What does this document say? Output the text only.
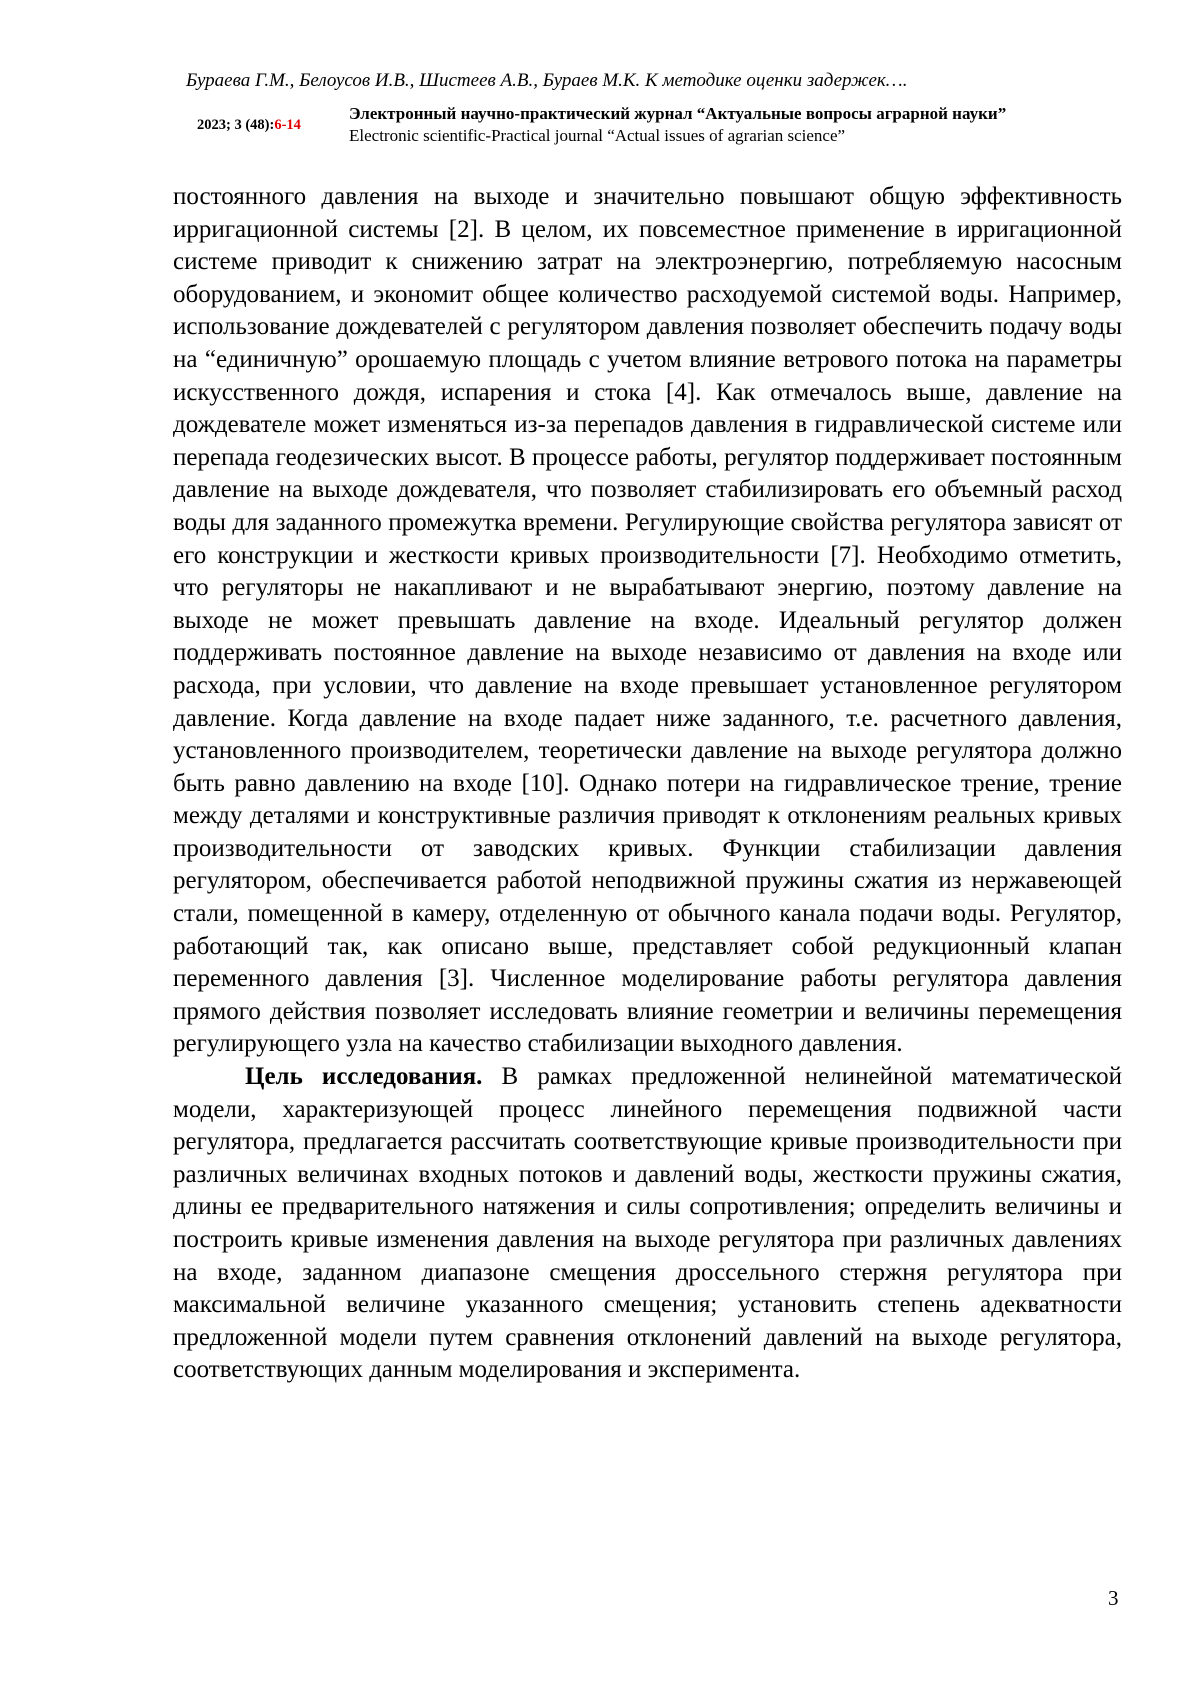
Бураева Г.М., Белоусов И.В., Шистеев А.В., Бураев М.К. К методике оценки задержек….
2023; 3 (48):6-14
Электронный научно-практический журнал “Актуальные вопросы аграрной науки”
Electronic scientific-Practical journal “Actual issues of agrarian science”

постоянного давления на выходе и значительно повышают общую эффективность ирригационной системы [2]. В целом, их повсеместное применение в ирригационной системе приводит к снижению затрат на электроэнергию, потребляемую насосным оборудованием, и экономит общее количество расходуемой системой воды. Например, использование дождевателей с регулятором давления позволяет обеспечить подачу воды на “единичную” орошаемую площадь с учетом влияние ветрового потока на параметры искусственного дождя, испарения и стока [4]. Как отмечалось выше, давление на дождевателе может изменяться из-за перепадов давления в гидравлической системе или перепада геодезических высот. В процессе работы, регулятор поддерживает постоянным давление на выходе дождевателя, что позволяет стабилизировать его объемный расход воды для заданного промежутка времени. Регулирующие свойства регулятора зависят от его конструкции и жесткости кривых производительности [7]. Необходимо отметить, что регуляторы не накапливают и не вырабатывают энергию, поэтому давление на выходе не может превышать давление на входе. Идеальный регулятор должен поддерживать постоянное давление на выходе независимо от давления на входе или расхода, при условии, что давление на входе превышает установленное регулятором давление. Когда давление на входе падает ниже заданного, т.е. расчетного давления, установленного производителем, теоретически давление на выходе регулятора должно быть равно давлению на входе [10]. Однако потери на гидравлическое трение, трение между деталями и конструктивные различия приводят к отклонениям реальных кривых производительности от заводских кривых. Функции стабилизации давления регулятором, обеспечивается работой неподвижной пружины сжатия из нержавеющей стали, помещенной в камеру, отделенную от обычного канала подачи воды. Регулятор, работающий так, как описано выше, представляет собой редукционный клапан переменного давления [3]. Численное моделирование работы регулятора давления прямого действия позволяет исследовать влияние геометрии и величины перемещения регулирующего узла на качество стабилизации выходного давления.

Цель исследования. В рамках предложенной нелинейной математической модели, характеризующей процесс линейного перемещения подвижной части регулятора, предлагается рассчитать соответствующие кривые производительности при различных величинах входных потоков и давлений воды, жесткости пружины сжатия, длины ее предварительного натяжения и силы сопротивления; определить величины и построить кривые изменения давления на выходе регулятора при различных давлениях на входе, заданном диапазоне смещения дроссельного стержня регулятора при максимальной величине указанного смещения; установить степень адекватности предложенной модели путем сравнения отклонений давлений на выходе регулятора, соответствующих данным моделирования и эксперимента.

3
